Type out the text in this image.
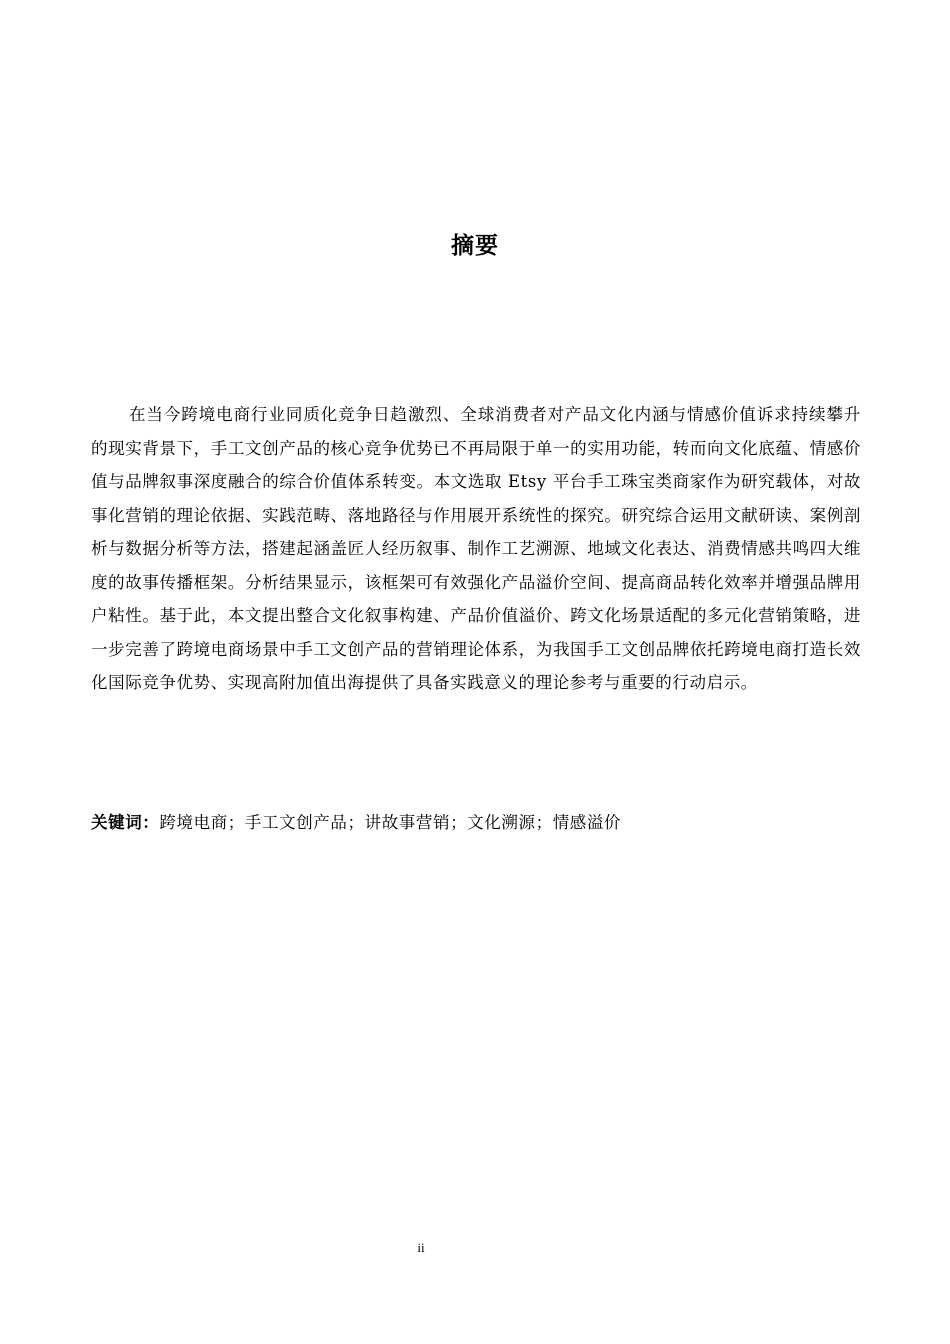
摘要

在当今跨境电商行业同质化竞争日趋激烈、全球消费者对产品文化内涵与情感价值诉求持续攀升的现实背景下，手工文创产品的核心竞争优势已不再局限于单一的实用功能，转而向文化底蕴、情感价值与品牌叙事深度融合的综合价值体系转变。本文选取 Etsy 平台手工珠宝类商家作为研究载体，对故事化营销的理论依据、实践范畴、落地路径与作用展开系统性的探究。研究综合运用文献研读、案例剖析与数据分析等方法，搭建起涵盖匠人经历叙事、制作工艺溯源、地域文化表达、消费情感共鸣四大维度的故事传播框架。分析结果显示，该框架可有效强化产品溢价空间、提高商品转化效率并增强品牌用户粘性。基于此，本文提出整合文化叙事构建、产品价值溢价、跨文化场景适配的多元化营销策略，进一步完善了跨境电商场景中手工文创产品的营销理论体系，为我国手工文创品牌依托跨境电商打造长效化国际竞争优势、实现高附加值出海提供了具备实践意义的理论参考与重要的行动启示。

关键词：跨境电商；手工文创产品；讲故事营销；文化溯源；情感溢价
ii
